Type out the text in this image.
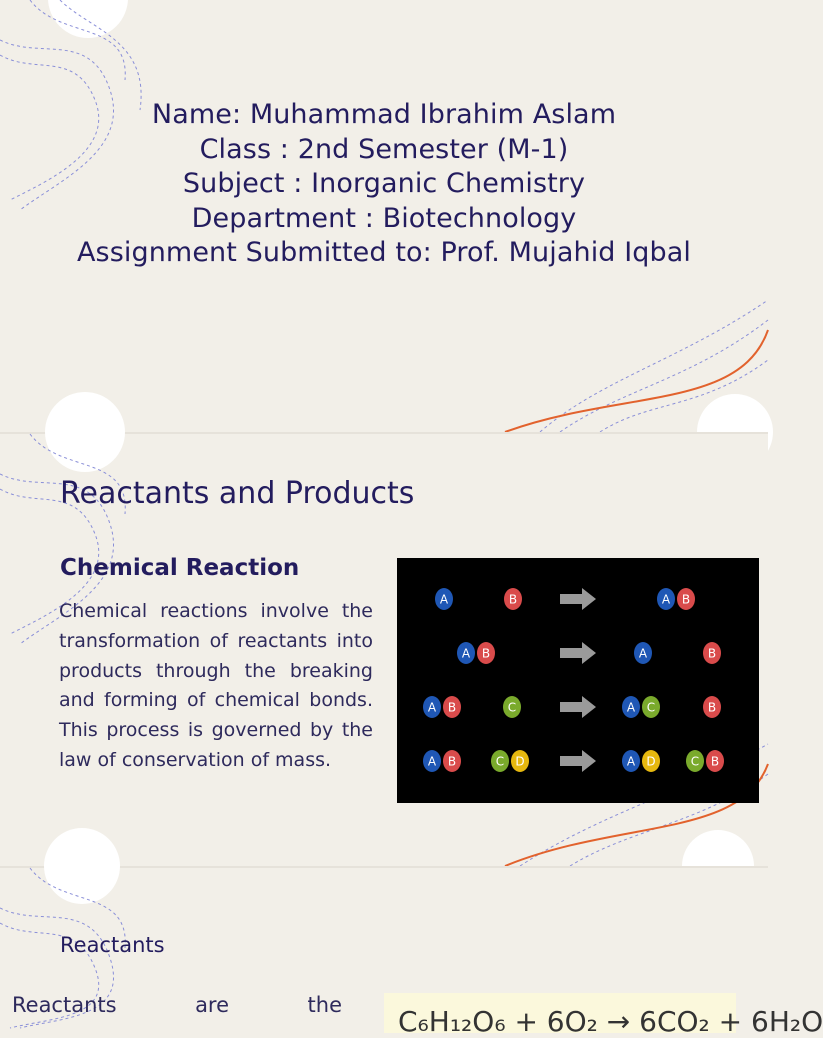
Name: Muhammad Ibrahim Aslam
Class : 2nd Semester (M-1)
Subject : Inorganic Chemistry
Department : Biotechnology
Assignment Submitted to: Prof. Mujahid Iqbal
Reactants and Products
Chemical Reaction
Chemical reactions involve the transformation of reactants into products through the breaking and forming of chemical bonds. This process is governed by the law of conservation of mass.
A	B	A B
A B	A	B
A B	C	A C	B
A B	C D	A D	C B
Reactants
Reactants are the C₆H₁₂O₆ + 6O₂ → 6CO₂ + 6H₂O
